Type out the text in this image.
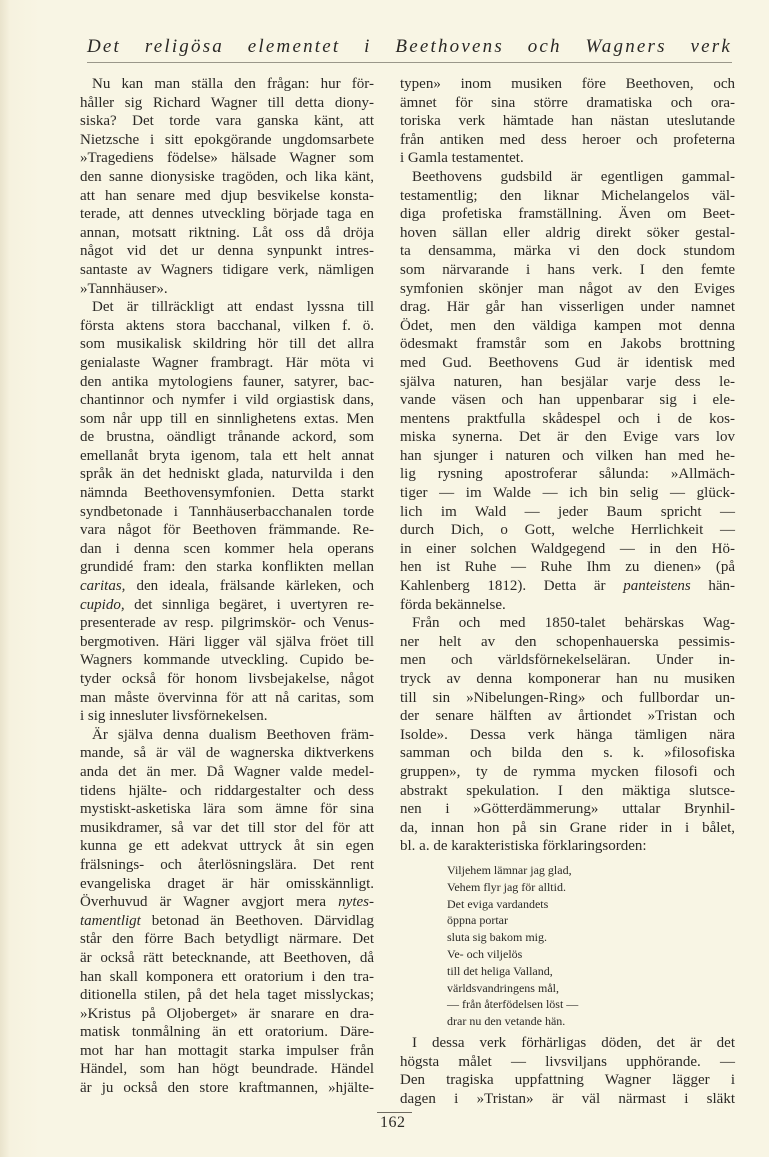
Det religösa elementet i Beethovens och Wagners verk
Nu kan man ställa den frågan: hur för-
håller sig Richard Wagner till detta diony-
siska? Det torde vara ganska känt, att
Nietzsche i sitt epokgörande ungdomsarbete
»Tragediens födelse» hälsade Wagner som
den sanne dionysiske tragöden, och lika känt,
att han senare med djup besvikelse konsta-
terade, att dennes utveckling började taga en
annan, motsatt riktning. Låt oss då dröja
något vid det ur denna synpunkt intres-
santaste av Wagners tidigare verk, nämligen
»Tannhäuser».
Det är tillräckligt att endast lyssna till
första aktens stora bacchanal, vilken f. ö.
som musikalisk skildring hör till det allra
genialaste Wagner frambragt. Här möta vi
den antika mytologiens fauner, satyrer, bac-
chantinnor och nymfer i vild orgiastisk dans,
som når upp till en sinnlighetens extas. Men
de brustna, oändligt trånande ackord, som
emellanåt bryta igenom, tala ett helt annat
språk än det hedniskt glada, naturvilda i den
nämnda Beethovensymfonien. Detta starkt
syndbetonade i Tannhäuserbacchanalen torde
vara något för Beethoven främmande. Re-
dan i denna scen kommer hela operans
grundidé fram: den starka konflikten mellan
caritas, den ideala, frälsande kärleken, och
cupido, det sinnliga begäret, i uvertyren re-
presenterade av resp. pilgrimskör- och Venus-
bergmotiven. Häri ligger väl själva fröet till
Wagners kommande utveckling. Cupido be-
tyder också för honom livsbejakelse, något
man måste övervinna för att nå caritas, som
i sig innesluter livsförnekelsen.
Är själva denna dualism Beethoven främ-
mande, så är väl de wagnerska diktverkens
anda det än mer. Då Wagner valde medel-
tidens hjälte- och riddargestalter och dess
mystiskt-asketiska lära som ämne för sina
musikdramer, så var det till stor del för att
kunna ge ett adekvat uttryck åt sin egen
frälsnings- och återlösningslära. Det rent
evangeliska draget är här omisskännligt.
Överhuvud är Wagner avgjort mera nytes-
tamentligt betonad än Beethoven. Därvidlag
står den förre Bach betydligt närmare. Det
är också rätt betecknande, att Beethoven, då
han skall komponera ett oratorium i den tra-
ditionella stilen, på det hela taget misslyckas;
»Kristus på Oljoberget» är snarare en dra-
matisk tonmålning än ett oratorium. Däre-
mot har han mottagit starka impulser från
Händel, som han högt beundrade. Händel
är ju också den store kraftmannen, »hjälte-
typen» inom musiken före Beethoven, och
ämnet för sina större dramatiska och ora-
toriska verk hämtade han nästan uteslutande
från antiken med dess heroer och profeterna
i Gamla testamentet.
Beethovens gudsbild är egentligen gammal-
testamentlig; den liknar Michelangelos väl-
diga profetiska framställning. Även om Beet-
hoven sällan eller aldrig direkt söker gestal-
ta densamma, märka vi den dock stundom
som närvarande i hans verk. I den femte
symfonien skönjer man något av den Eviges
drag. Här går han visserligen under namnet
Ödet, men den väldiga kampen mot denna
ödesmakt framstår som en Jakobs brottning
med Gud. Beethovens Gud är identisk med
själva naturen, han besjälar varje dess le-
vande väsen och han uppenbarar sig i ele-
mentens praktfulla skådespel och i de kos-
miska synerna. Det är den Evige vars lov
han sjunger i naturen och vilken han med he-
lig rysning apostroferar sålunda: »Allmäch-
tiger — im Walde — ich bin selig — glück-
lich im Wald — jeder Baum spricht —
durch Dich, o Gott, welche Herrlichkeit —
in einer solchen Waldgegend — in den Hö-
hen ist Ruhe — Ruhe Ihm zu dienen» (på
Kahlenberg 1812). Detta är panteistens hän-
förda bekännelse.
Från och med 1850-talet behärskas Wag-
ner helt av den schopenhauerska pessimis-
men och världsförnekelseläran. Under in-
tryck av denna komponerar han nu musiken
till sin »Nibelungen-Ring» och fullbordar un-
der senare hälften av årtiondet »Tristan och
Isolde». Dessa verk hänga tämligen nära
samman och bilda den s. k. »filosofiska
gruppen», ty de rymma mycken filosofi och
abstrakt spekulation. I den mäktiga slutsce-
nen i »Götterdämmerung» uttalar Brynhil-
da, innan hon på sin Grane rider in i bålet,
bl. a. de karakteristiska förklaringsorden:
Viljehem lämnar jag glad,
Vehem flyr jag för alltid.
Det eviga vardandets
öppna portar
sluta sig bakom mig.
Ve- och viljelös
till det heliga Valland,
världsvandringens mål,
— från återfödelsen löst —
drar nu den vetande hän.
I dessa verk förhärligas döden, det är det
högsta målet — livsviljans upphörande. —
Den tragiska uppfattning Wagner lägger i
dagen i »Tristan» är väl närmast i släkt
162
